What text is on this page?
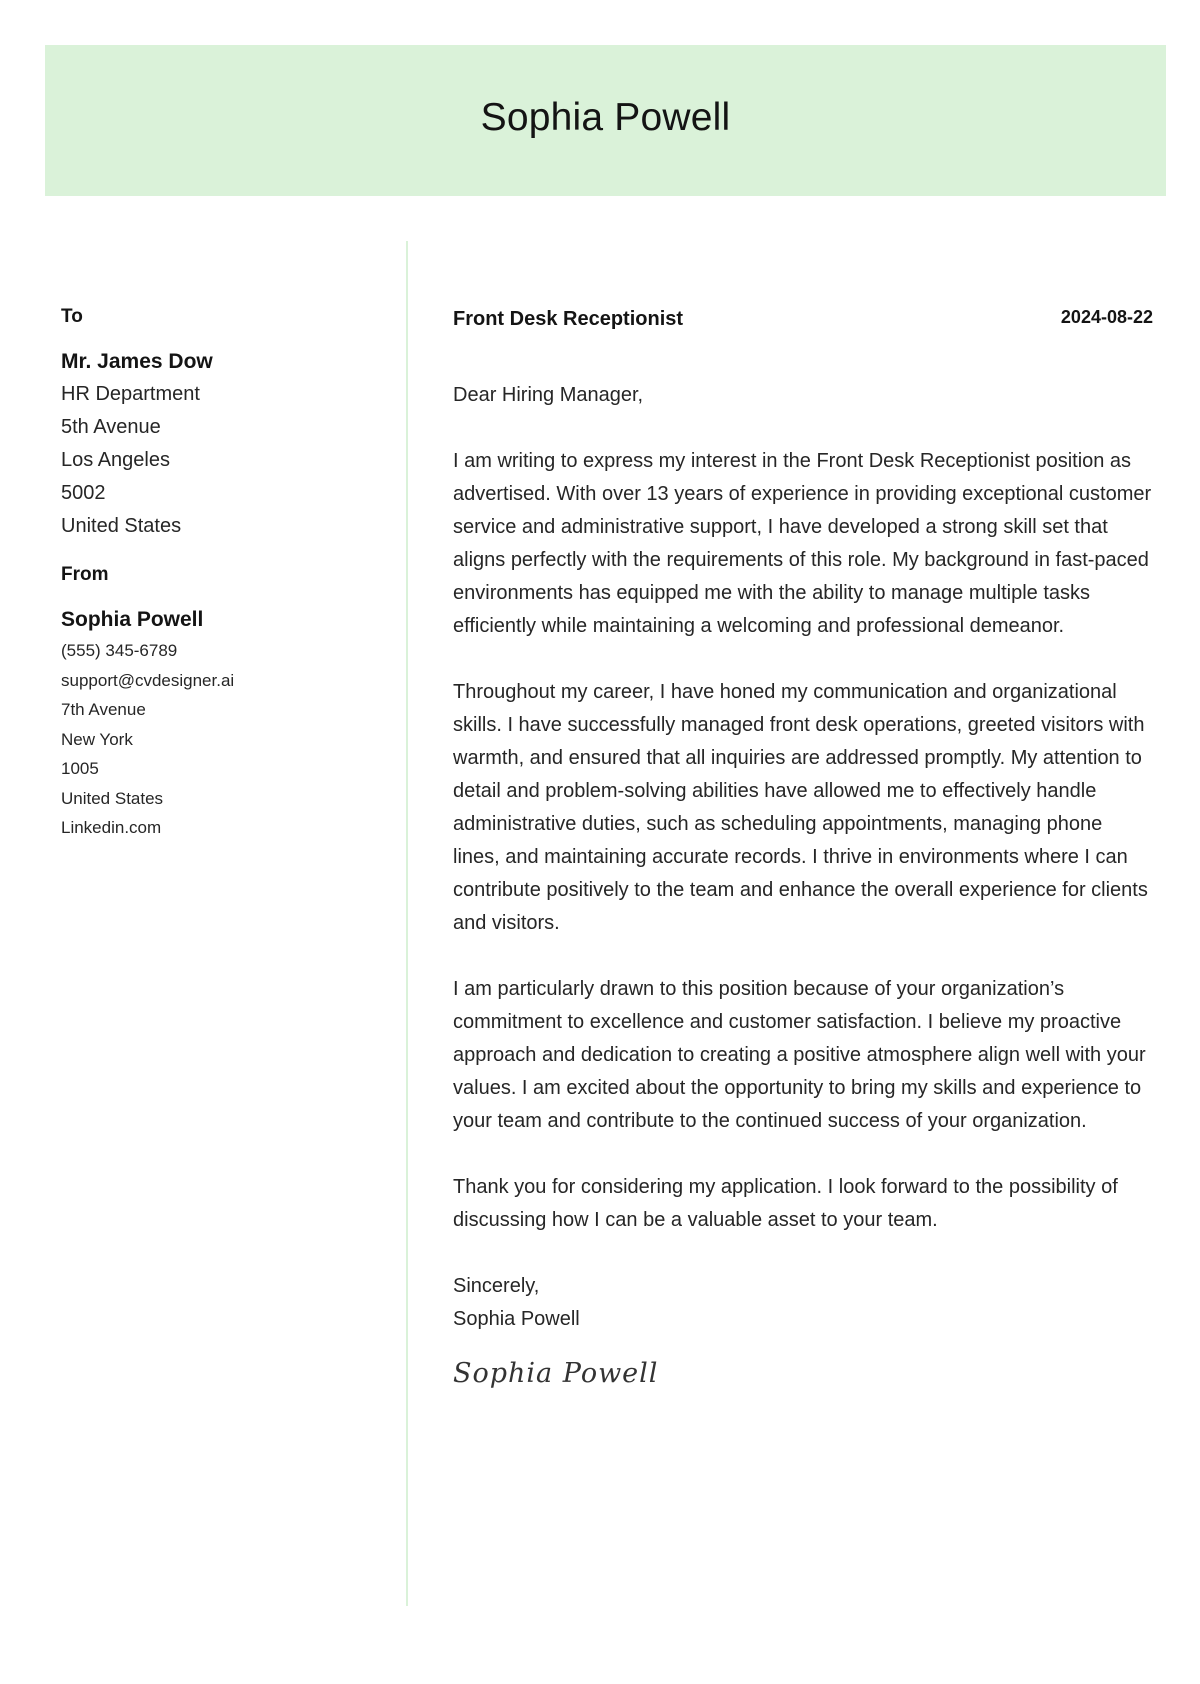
Sophia Powell
To
Mr. James Dow
HR Department
5th Avenue
Los Angeles
5002
United States
From
Sophia Powell
(555) 345-6789
support@cvdesigner.ai
7th Avenue
New York
1005
United States
Linkedin.com
Front Desk Receptionist	2024-08-22

Dear Hiring Manager,

I am writing to express my interest in the Front Desk Receptionist position as advertised. With over 13 years of experience in providing exceptional customer service and administrative support, I have developed a strong skill set that aligns perfectly with the requirements of this role. My background in fast-paced environments has equipped me with the ability to manage multiple tasks efficiently while maintaining a welcoming and professional demeanor.

Throughout my career, I have honed my communication and organizational skills. I have successfully managed front desk operations, greeted visitors with warmth, and ensured that all inquiries are addressed promptly. My attention to detail and problem-solving abilities have allowed me to effectively handle administrative duties, such as scheduling appointments, managing phone lines, and maintaining accurate records. I thrive in environments where I can contribute positively to the team and enhance the overall experience for clients and visitors.

I am particularly drawn to this position because of your organization’s commitment to excellence and customer satisfaction. I believe my proactive approach and dedication to creating a positive atmosphere align well with your values. I am excited about the opportunity to bring my skills and experience to your team and contribute to the continued success of your organization.

Thank you for considering my application. I look forward to the possibility of discussing how I can be a valuable asset to your team.

Sincerely,
Sophia Powell
Sophia Powell
